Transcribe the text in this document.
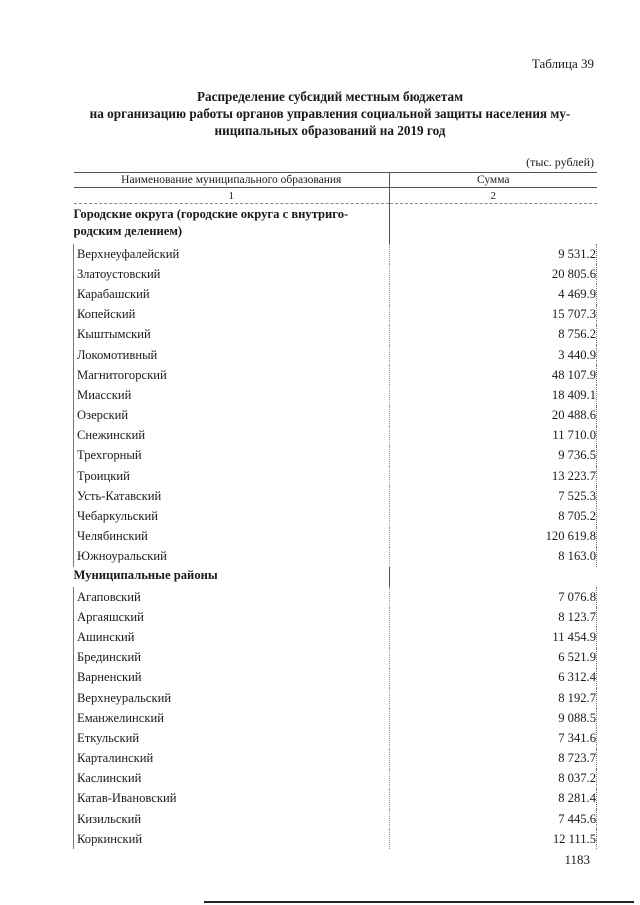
Таблица 39
Распределение субсидий местным бюджетам
на организацию работы органов управления социальной защиты населения му-
ниципальных образований на 2019 год
(тыс. рублей)
Наименование муниципального образования	Сумма
1	2
Городские округа (городские округа с внутриго-родским делением)	
Верхнеуфалейский	9 531.2
Златоустовский	20 805.6
Карабашский	4 469.9
Копейский	15 707.3
Кыштымский	8 756.2
Локомотивный	3 440.9
Магнитогорский	48 107.9
Миасский	18 409.1
Озерский	20 488.6
Снежинский	11 710.0
Трехгорный	9 736.5
Троицкий	13 223.7
Усть-Катавский	7 525.3
Чебаркульский	8 705.2
Челябинский	120 619.8
Южноуральский	8 163.0
Муниципальные районы	
Агаповский	7 076.8
Аргаяшский	8 123.7
Ашинский	11 454.9
Брединский	6 521.9
Варненский	6 312.4
Верхнеуральский	8 192.7
Еманжелинский	9 088.5
Еткульский	7 341.6
Карталинский	8 723.7
Каслинский	8 037.2
Катав-Ивановский	8 281.4
Кизильский	7 445.6
Коркинский	12 111.5
1183
